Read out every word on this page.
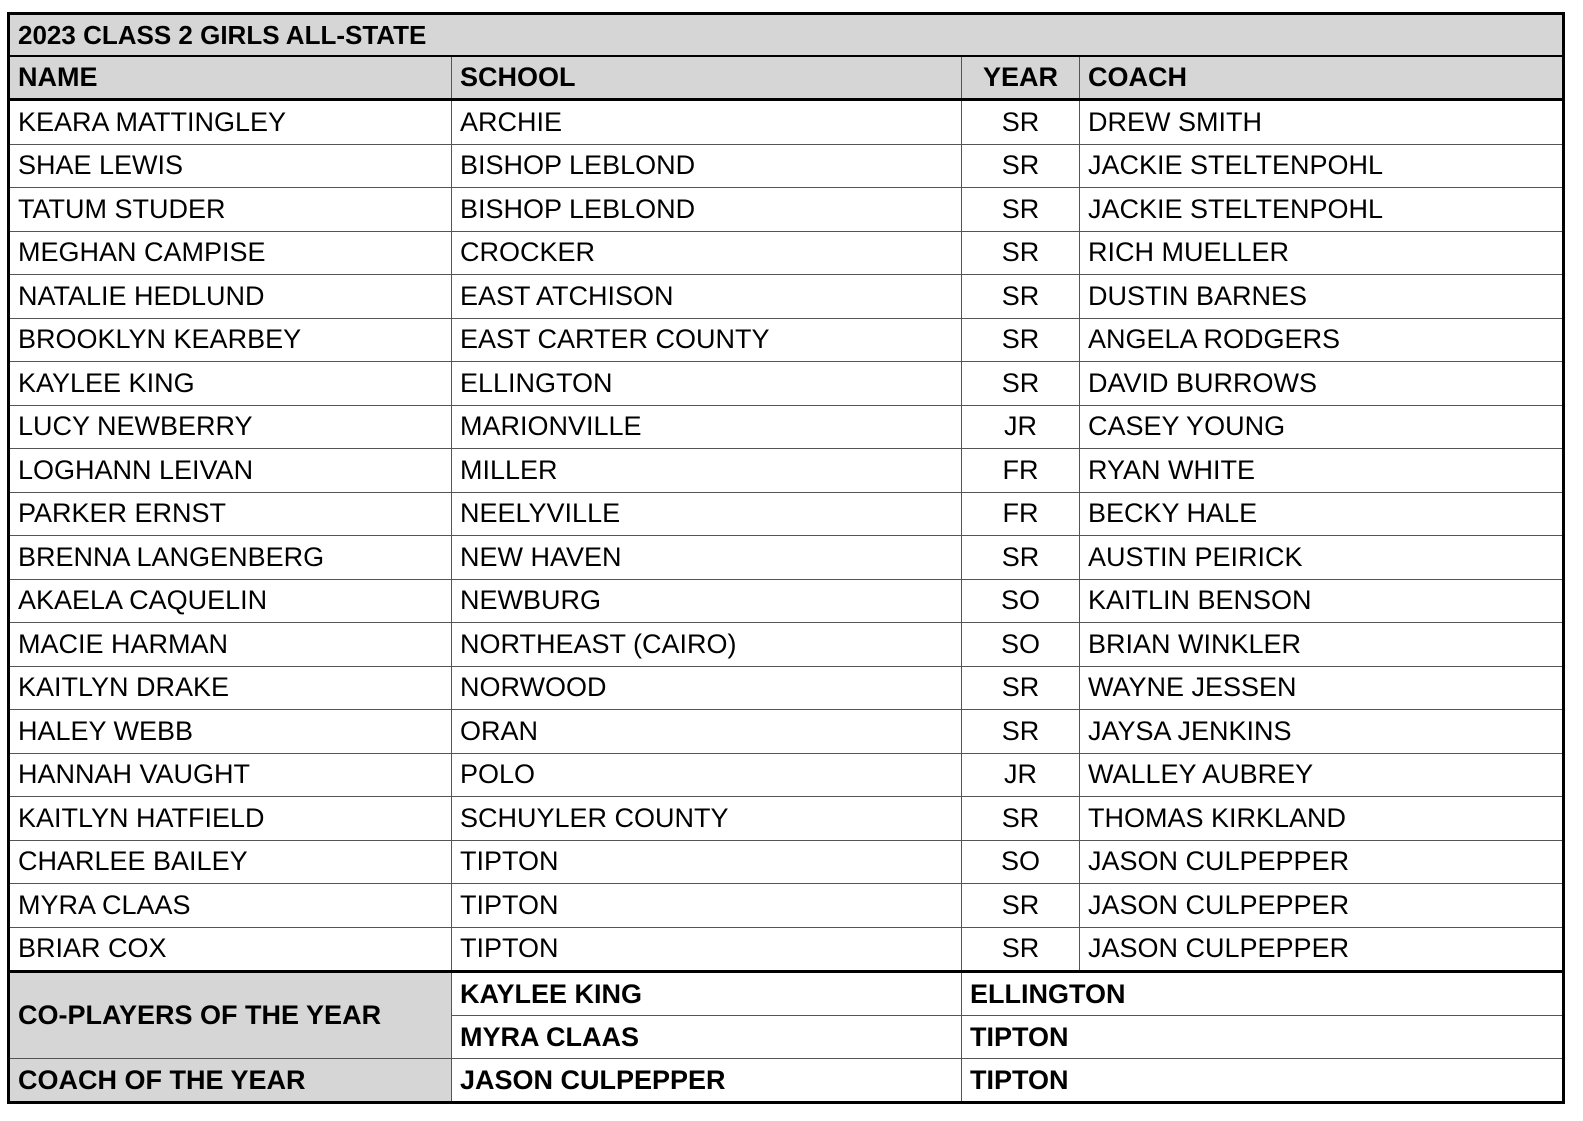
2023 CLASS 2 GIRLS ALL-STATE			
NAME	SCHOOL	YEAR	COACH
KEARA MATTINGLEY	ARCHIE	SR	DREW SMITH
SHAE LEWIS	BISHOP LEBLOND	SR	JACKIE STELTENPOHL
TATUM STUDER	BISHOP LEBLOND	SR	JACKIE STELTENPOHL
MEGHAN CAMPISE	CROCKER	SR	RICH MUELLER
NATALIE HEDLUND	EAST ATCHISON	SR	DUSTIN BARNES
BROOKLYN KEARBEY	EAST CARTER COUNTY	SR	ANGELA RODGERS
KAYLEE KING	ELLINGTON	SR	DAVID BURROWS
LUCY NEWBERRY	MARIONVILLE	JR	CASEY YOUNG
LOGHANN LEIVAN	MILLER	FR	RYAN WHITE
PARKER ERNST	NEELYVILLE	FR	BECKY HALE
BRENNA LANGENBERG	NEW HAVEN	SR	AUSTIN PEIRICK
AKAELA CAQUELIN	NEWBURG	SO	KAITLIN BENSON
MACIE HARMAN	NORTHEAST (CAIRO)	SO	BRIAN WINKLER
KAITLYN DRAKE	NORWOOD	SR	WAYNE JESSEN
HALEY WEBB	ORAN	SR	JAYSA JENKINS
HANNAH VAUGHT	POLO	JR	WALLEY AUBREY
KAITLYN HATFIELD	SCHUYLER COUNTY	SR	THOMAS KIRKLAND
CHARLEE BAILEY	TIPTON	SO	JASON CULPEPPER
MYRA CLAAS	TIPTON	SR	JASON CULPEPPER
BRIAR COX	TIPTON	SR	JASON CULPEPPER
CO-PLAYERS OF THE YEAR	KAYLEE KING	ELLINGTON	
	MYRA CLAAS	TIPTON	
COACH OF THE YEAR	JASON CULPEPPER	TIPTON	
